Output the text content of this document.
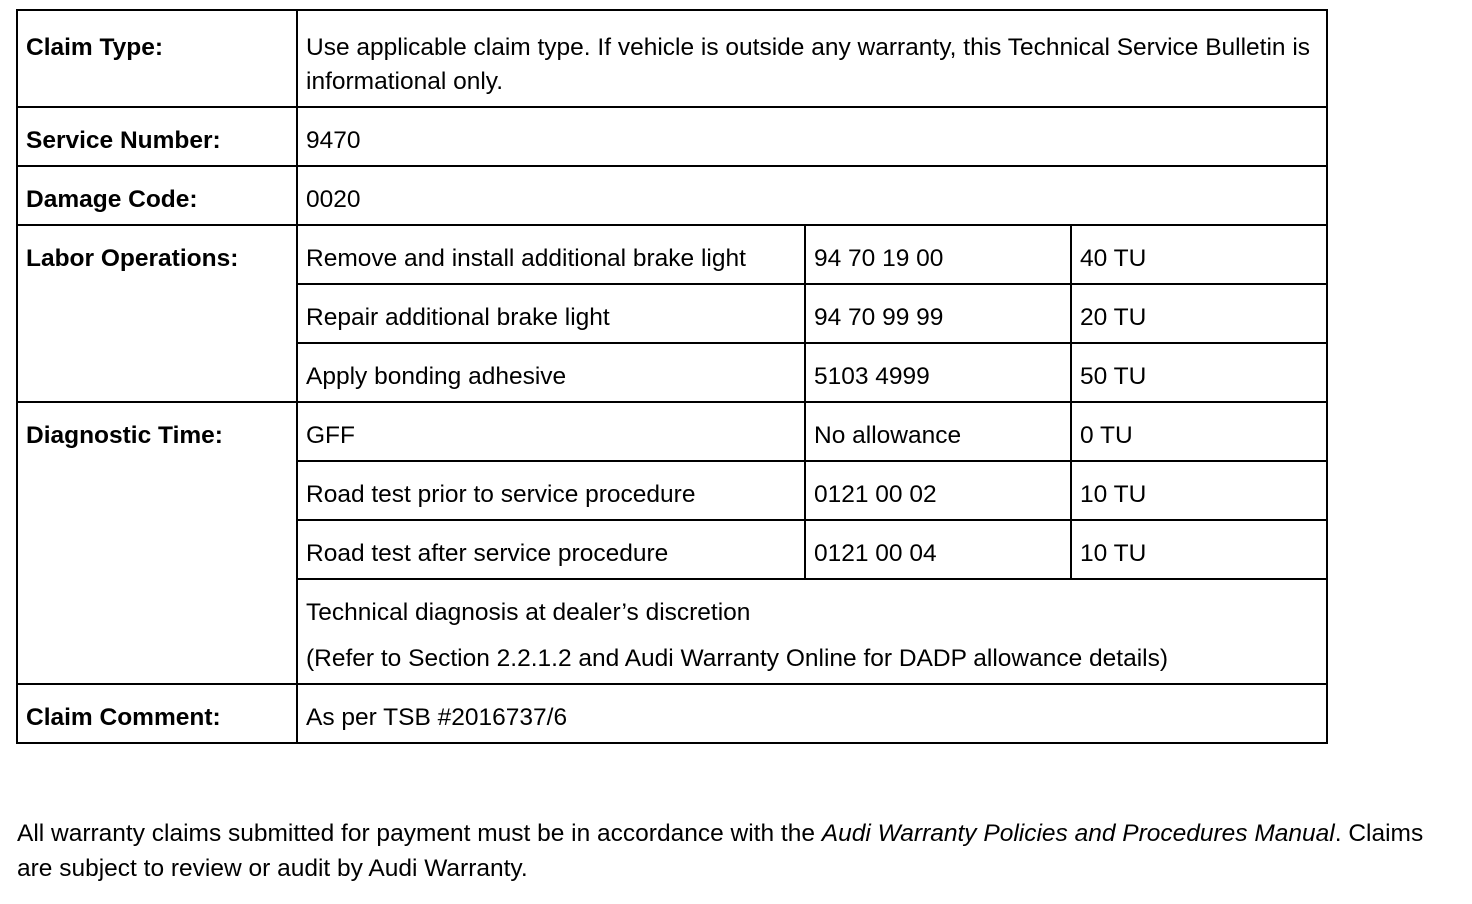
Claim Type:	Use applicable claim type. If vehicle is outside any warranty, this Technical Service Bulletin is informational only.		
Service Number:	9470		
Damage Code:	0020		
Labor Operations:	Remove and install additional brake light	94 70 19 00	40 TU
	Repair additional brake light	94 70 99 99	20 TU
	Apply bonding adhesive	5103 4999	50 TU
Diagnostic Time:	GFF	No allowance	0 TU
	Road test prior to service procedure	0121 00 02	10 TU
	Road test after service procedure	0121 00 04	10 TU

	Technical diagnosis at dealer’s discretion

(Refer to Section 2.2.1.2 and Audi Warranty Online for DADP allowance details)		

Claim Comment:	As per TSB #2016737/6		

All warranty claims submitted for payment must be in accordance with the Audi Warranty Policies and Procedures Manual. Claims are subject to review or audit by Audi Warranty.
